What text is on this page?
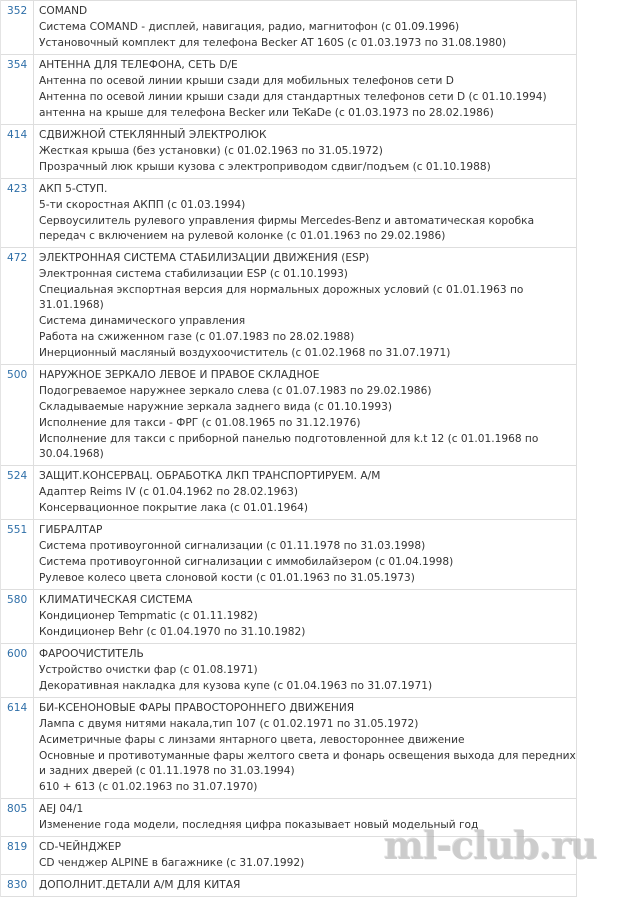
352	COMAND
Система COMAND - дисплей, навигация, радио, магнитофон (с 01.09.1996)
Установочный комплект для телефона Becker AT 160S (с 01.03.1973 по 31.08.1980)
354	АНТЕННА ДЛЯ ТЕЛЕФОНА, СЕТЬ D/E
Антенна по осевой линии крыши сзади для мобильных телефонов сети D
Антенна по осевой линии крыши сзади для стандартных телефонов сети D (с 01.10.1994)
антенна на крыше для телефона Becker или TeKaDe (с 01.03.1973 по 28.02.1986)
414	СДВИЖНОЙ СТЕКЛЯННЫЙ ЭЛЕКТРОЛЮК
Жесткая крыша (без установки) (с 01.02.1963 по 31.05.1972)
Прозрачный люк крыши кузова с электроприводом сдвиг/подъем (с 01.10.1988)
423	АКП 5-СТУП.
5-ти скоростная АКПП (с 01.03.1994)
Сервоусилитель рулевого управления фирмы Mercedes-Benz и автоматическая коробка передач с включением на рулевой колонке (с 01.01.1963 по 29.02.1986)
472	ЭЛЕКТРОННАЯ СИСТЕМА СТАБИЛИЗАЦИИ ДВИЖЕНИЯ (ESP)
Электронная система стабилизации ESP (с 01.10.1993)
Специальная экспортная версия для нормальных дорожных условий (с 01.01.1963 по 31.01.1968)
Система динамического управления
Работа на сжиженном газе (с 01.07.1983 по 28.02.1988)
Инерционный масляный воздухоочиститель (с 01.02.1968 по 31.07.1971)
500	НАРУЖНОЕ ЗЕРКАЛО ЛЕВОЕ И ПРАВОЕ СКЛАДНОЕ
Подогреваемое наружнее зеркало слева (с 01.07.1983 по 29.02.1986)
Складываемые наружние зеркала заднего вида (с 01.10.1993)
Исполнение для такси - ФРГ (с 01.08.1965 по 31.12.1976)
Исполнение для такси с приборной панелью подготовленной для k.t 12 (с 01.01.1968 по 30.04.1968)
524	ЗАЩИТ.КОНСЕРВАЦ. ОБРАБОТКА ЛКП ТРАНСПОРТИРУЕМ. А/М
Адаптер Reims IV (с 01.04.1962 по 28.02.1963)
Консервационное покрытие лака (с 01.01.1964)
551	ГИБРАЛТАР
Система противоугонной сигнализации (с 01.11.1978 по 31.03.1998)
Система противоугонной сигнализации с иммобилайзером (с 01.04.1998)
Рулевое колесо цвета слоновой кости (с 01.01.1963 по 31.05.1973)
580	КЛИМАТИЧЕСКАЯ СИСТЕМА
Кондиционер Tempmatic (с 01.11.1982)
Кондиционер Behr (с 01.04.1970 по 31.10.1982)
600	ФАРООЧИСТИТЕЛЬ
Устройство очистки фар (с 01.08.1971)
Декоративная накладка для кузова купе (с 01.04.1963 по 31.07.1971)
614	БИ-КСЕНОНОВЫЕ ФАРЫ ПРАВОСТОРОННЕГО ДВИЖЕНИЯ
Лампа с двумя нитями накала,тип 107 (с 01.02.1971 по 31.05.1972)
Асиметричные фары с линзами янтарного цвета, левостороннее движение
Основные и противотуманные фары желтого света и фонарь освещения выхода для передних и задних дверей (с 01.11.1978 по 31.03.1994)
610 + 613 (с 01.02.1963 по 31.07.1970)
805	AEJ 04/1
Изменение года модели, последняя цифра показывает новый модельный год
819	CD-ЧЕЙНДЖЕР
CD ченджер ALPINE в багажнике (с 31.07.1992)
830	ДОПОЛНИТ.ДЕТАЛИ А/М ДЛЯ КИТАЯ
ml-club.ru
